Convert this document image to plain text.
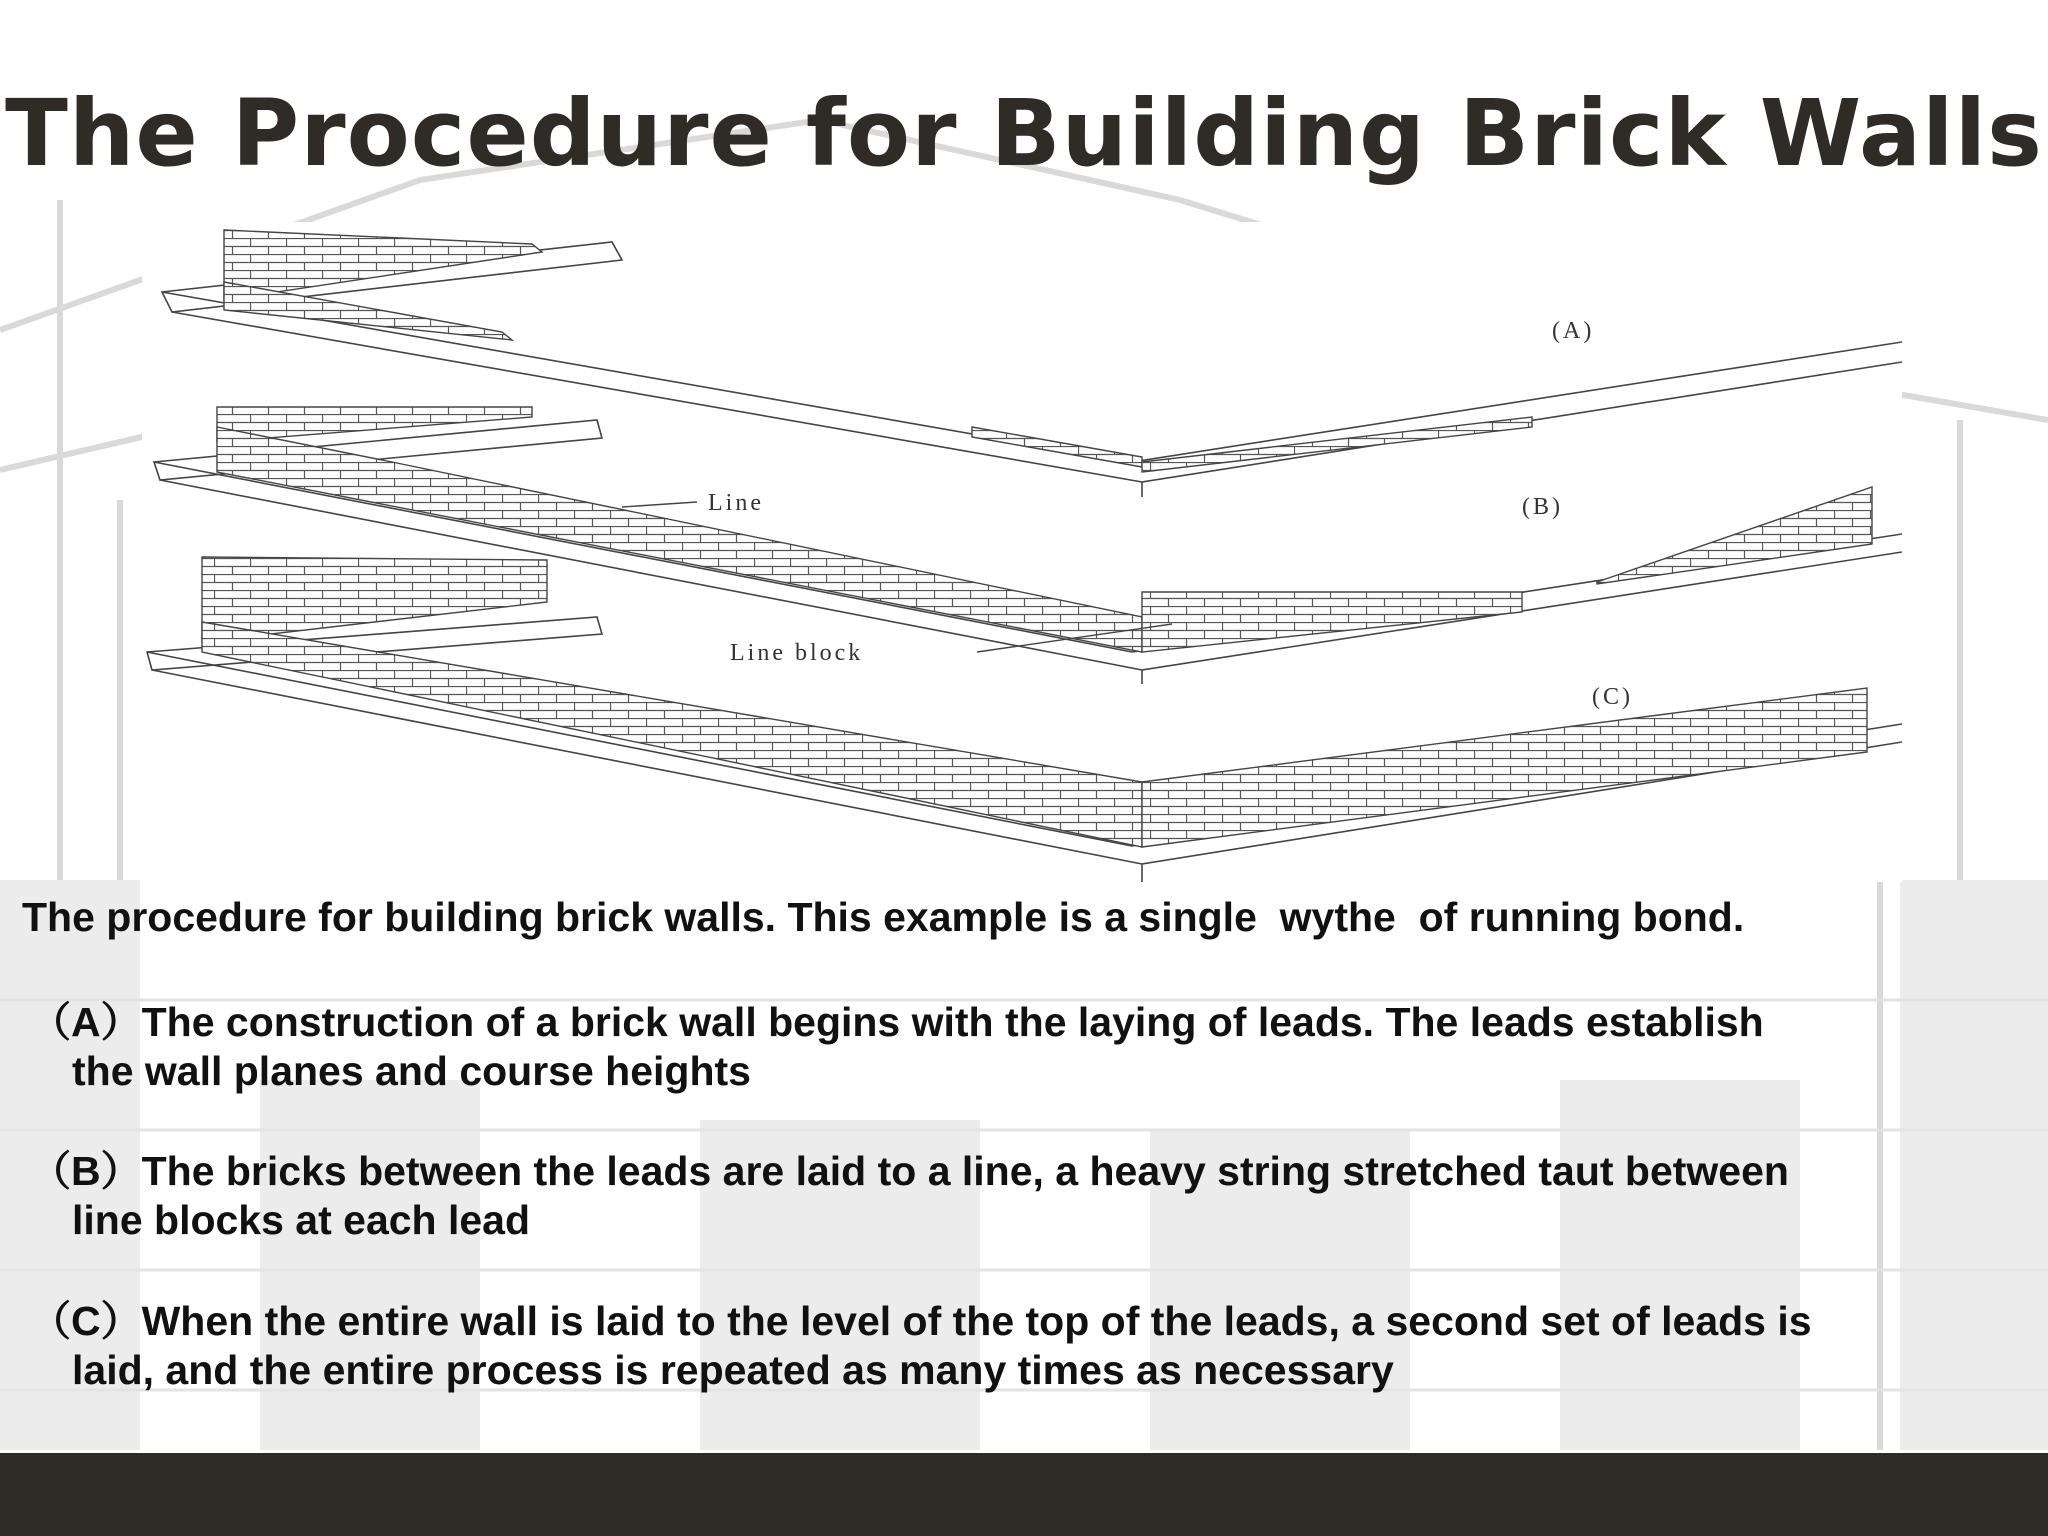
The Procedure for Building Brick Walls
(A)
(B)
(C)
Line
Line block
The procedure for building brick walls. This example is a single  wythe  of running bond.
（A）The construction of a brick wall begins with the laying of leads. The leads establish
the wall planes and course heights
（B）The bricks between the leads are laid to a line, a heavy string stretched taut between
line blocks at each lead
（C）When the entire wall is laid to the level of the top of the leads, a second set of leads is
laid, and the entire process is repeated as many times as necessary
